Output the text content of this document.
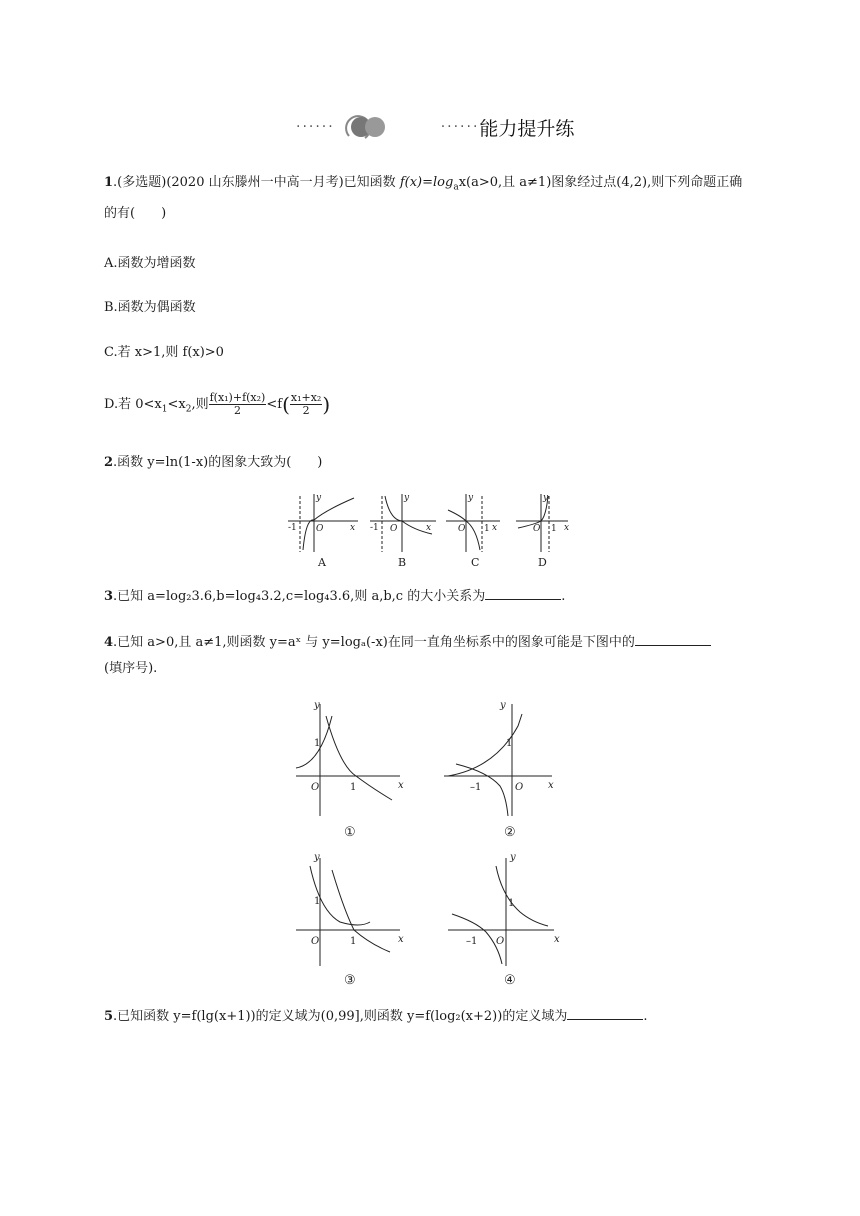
······	······ 能力提升练
1.(多选题)(2020 山东滕州一中高一月考)已知函数 $f(x)=\log_ax(a>0$,且 a≠1)图象经过点(4,2),则下列命题正确的有(　　)
A.函数为增函数
B.函数为偶函数
C.若 x>1,则 f(x)>0
D.若 $0<x_1<x_2$,则 $\frac{\text{f(x₁)+f(x₂)}}{2} <f( \frac{\text{x₁+x₂}}{2}$ )
2.函数 y=ln(1-x)的图象大致为(　　)
y
x
-1 O
y
x
-1 O
y
x
O 1
y
x
O 1
A	B	C	D
3.已知 a=log₂3.6,b=log₄3.2,c=log₄3.6,则 a,b,c 的大小关系为	.
4.已知 a>0,且 a≠1,则函数 y=aˣ 与 y=logₐ(-x)在同一直角坐标系中的图象可能是下图中的
(填序号).
y
x
O
1
1
y
x
O
1
–1
y
x
O
1
1
y
x
O
1
–1
①	②
③	④
5.已知函数 y=f(lg(x+1))的定义域为(0,99],则函数 y=f(log₂(x+2))的定义域为	.
